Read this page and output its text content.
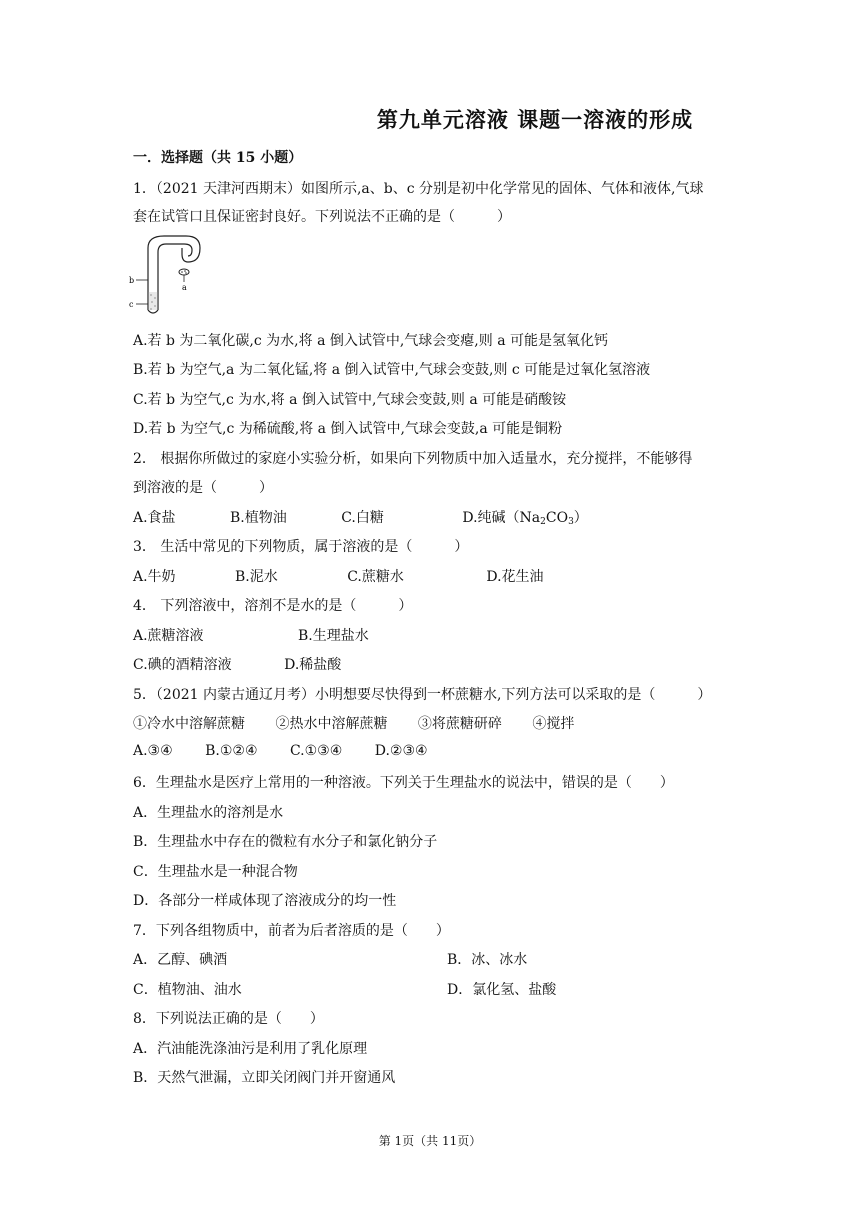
第九单元溶液 课题一溶液的形成
一．选择题（共 15 小题）
1．（2021 天津河西期末）如图所示,a、b、c 分别是初中化学常见的固体、气体和液体,气球
套在试管口且保证密封良好。下列说法不正确的是（　　　）
b
c
a
A.若 b 为二氧化碳,c 为水,将 a 倒入试管中,气球会变瘪,则 a 可能是氢氧化钙
B.若 b 为空气,a 为二氧化锰,将 a 倒入试管中,气球会变鼓,则 c 可能是过氧化氢溶液
C.若 b 为空气,c 为水,将 a 倒入试管中,气球会变鼓,则 a 可能是硝酸铵
D.若 b 为空气,c 为稀硫酸,将 a 倒入试管中,气球会变鼓,a 可能是铜粉
2． 根据你所做过的家庭小实验分析，如果向下列物质中加入适量水，充分搅拌，不能够得
到溶液的是（　　　）
A.食盐	B.植物油	C.白糖	D.纯碱$(Na_2CO_3)$
3． 生活中常见的下列物质，属于溶液的是（　　　）
A.牛奶	B.泥水	C.蔗糖水	D.花生油
4． 下列溶液中，溶剂不是水的是（　　　）
A.蔗糖溶液	B.生理盐水
C.碘的酒精溶液	D.稀盐酸
5．（2021 内蒙古通辽月考）小明想要尽快得到一杯蔗糖水,下列方法可以采取的是（　　　）
①冷水中溶解蔗糖 ②热水中溶解蔗糖 ③将蔗糖研碎 ④搅拌
A.③④ B.①②④ C.①③④ D.②③④
6．生理盐水是医疗上常用的一种溶液。下列关于生理盐水的说法中，错误的是（　　）
A．生理盐水的溶剂是水
B．生理盐水中存在的微粒有水分子和氯化钠分子
C．生理盐水是一种混合物
D．各部分一样咸体现了溶液成分的均一性
7．下列各组物质中，前者为后者溶质的是（　　）
A．乙醇、碘酒	B．冰、冰水
C．植物油、油水	D．氯化氢、盐酸
8．下列说法正确的是（　　）
A．汽油能洗涤油污是利用了乳化原理
B．天然气泄漏，立即关闭阀门并开窗通风
第 1页（共 11页）
